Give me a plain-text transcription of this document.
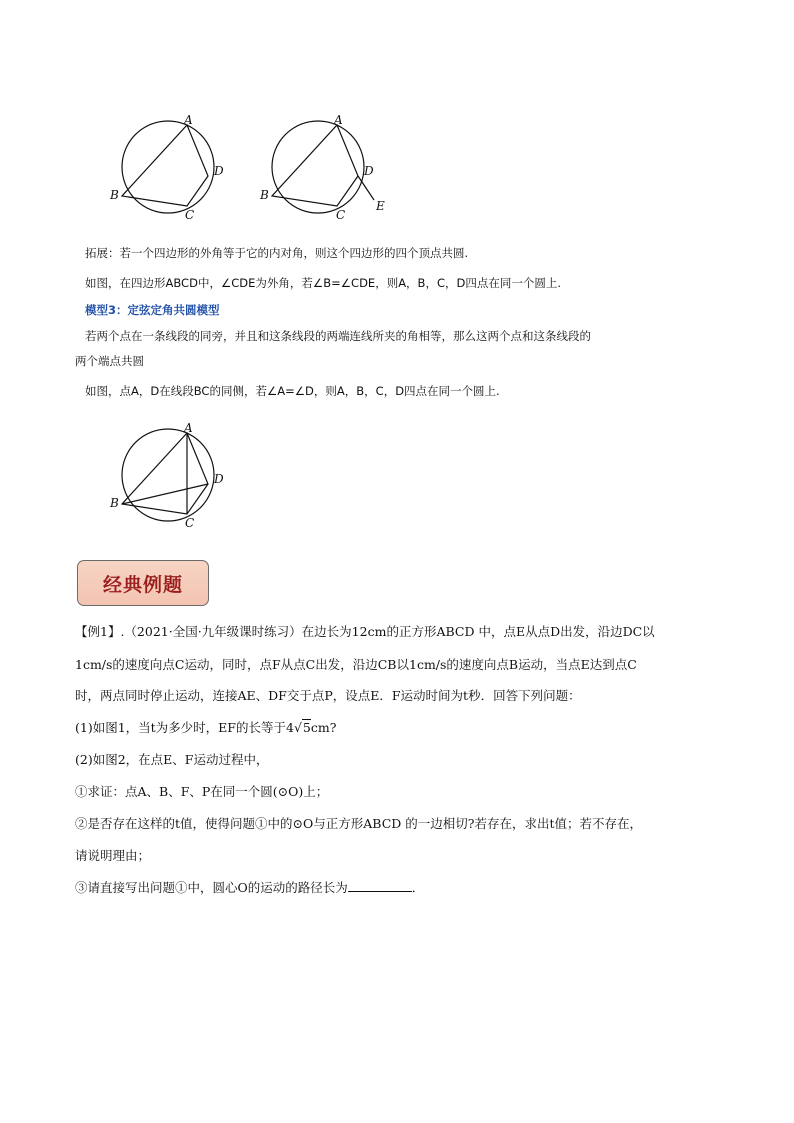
A
B
C
D
A
B
C
D
E
拓展：若一个四边形的外角等于它的内对角，则这个四边形的四个顶点共圆.
如图，在四边形ABCD中，∠CDE为外角，若∠B=∠CDE，则A，B，C，D四点在同一个圆上.
模型3：定弦定角共圆模型
若两个点在一条线段的同旁，并且和这条线段的两端连线所夹的角相等，那么这两个点和这条线段的
两个端点共圆
如图，点A，D在线段BC的同侧，若∠A=∠D，则A，B，C，D四点在同一个圆上.
A
B
C
D
经典例题
【例1】.（2021·全国·九年级课时练习）在边长为12cm的正方形ABCD 中，点E从点D出发，沿边DC以
1cm/s的速度向点C运动，同时，点F从点C出发，沿边CB以1cm/s的速度向点B运动，当点E达到点C
时，两点同时停止运动，连接AE、DF交于点P，设点E．F运动时间为t秒．回答下列问题：
(1)如图1，当t为多少时，EF的长等于4√5cm?
(2)如图2，在点E、F运动过程中，
①求证：点A、B、F、P在同一个圆(⊙O)上；
②是否存在这样的t值，使得问题①中的⊙O与正方形ABCD 的一边相切?若存在，求出t值；若不存在，
请说明理由；
③请直接写出问题①中，圆心O的运动的路径长为	．
